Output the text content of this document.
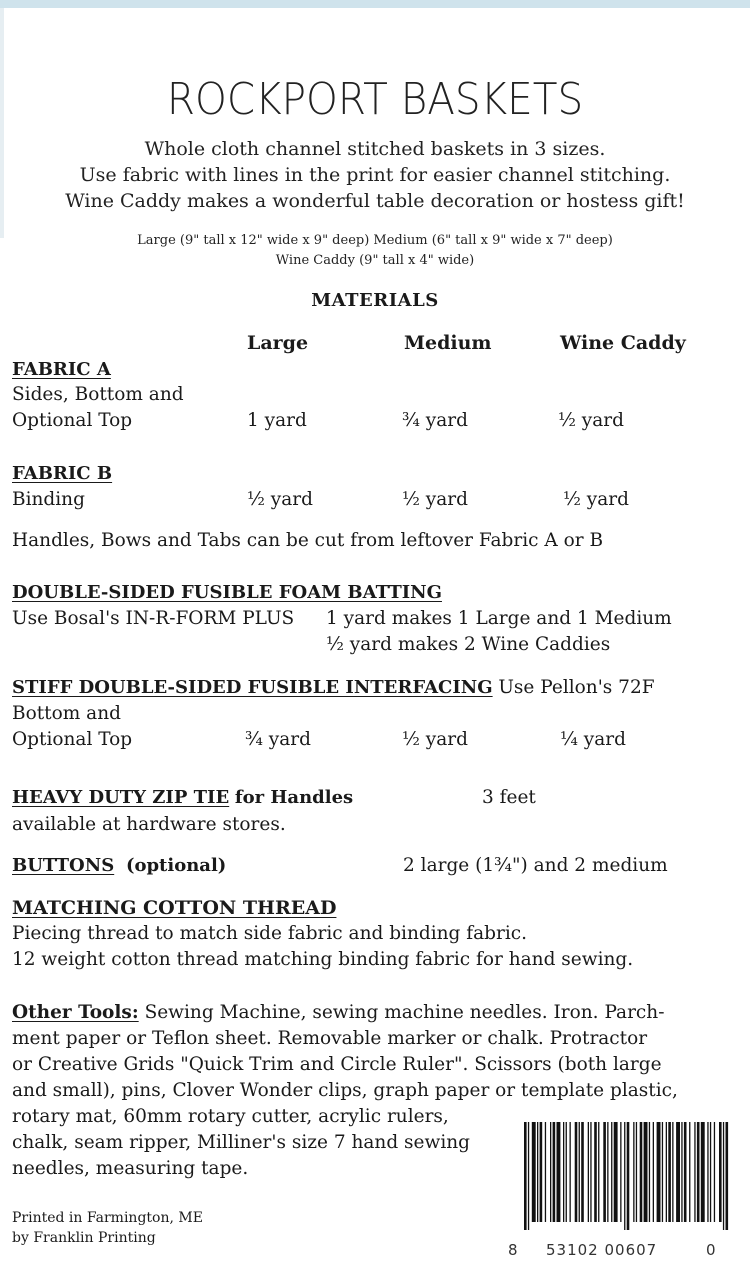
ROCKPORT BASKETS
Whole cloth channel stitched baskets in 3 sizes.
Use fabric with lines in the print for easier channel stitching.
Wine Caddy makes a wonderful table decoration or hostess gift!
Large (9" tall x 12" wide x 9" deep) Medium (6" tall x 9" wide x 7" deep)
Wine Caddy (9" tall x 4" wide)
MATERIALS
Large	Medium	Wine Caddy
FABRIC A
Sides, Bottom and
Optional Top	1 yard	¾ yard	½ yard
FABRIC B
Binding	½ yard	½ yard	½ yard
Handles, Bows and Tabs can be cut from leftover Fabric A or B
DOUBLE-SIDED FUSIBLE FOAM BATTING
Use Bosal's IN-R-FORM PLUS 1 yard makes 1 Large and 1 Medium
½ yard makes 2 Wine Caddies
STIFF DOUBLE-SIDED FUSIBLE INTERFACING Use Pellon's 72F
Bottom and
Optional Top	¾ yard	½ yard	¼ yard
HEAVY DUTY ZIP TIE for Handles	3 feet
available at hardware stores.
BUTTONS (optional)	2 large (1¾") and 2 medium
MATCHING COTTON THREAD
Piecing thread to match side fabric and binding fabric.
12 weight cotton thread matching binding fabric for hand sewing.
Other Tools: Sewing Machine, sewing machine needles. Iron. Parch-
ment paper or Teflon sheet. Removable marker or chalk. Protractor
or Creative Grids "Quick Trim and Circle Ruler". Scissors (both large
and small), pins, Clover Wonder clips, graph paper or template plastic,
rotary mat, 60mm rotary cutter, acrylic rulers,
chalk, seam ripper, Milliner's size 7 hand sewing
needles, measuring tape.
Printed in Farmington, ME
by Franklin Printing
8 53102 00607	0
